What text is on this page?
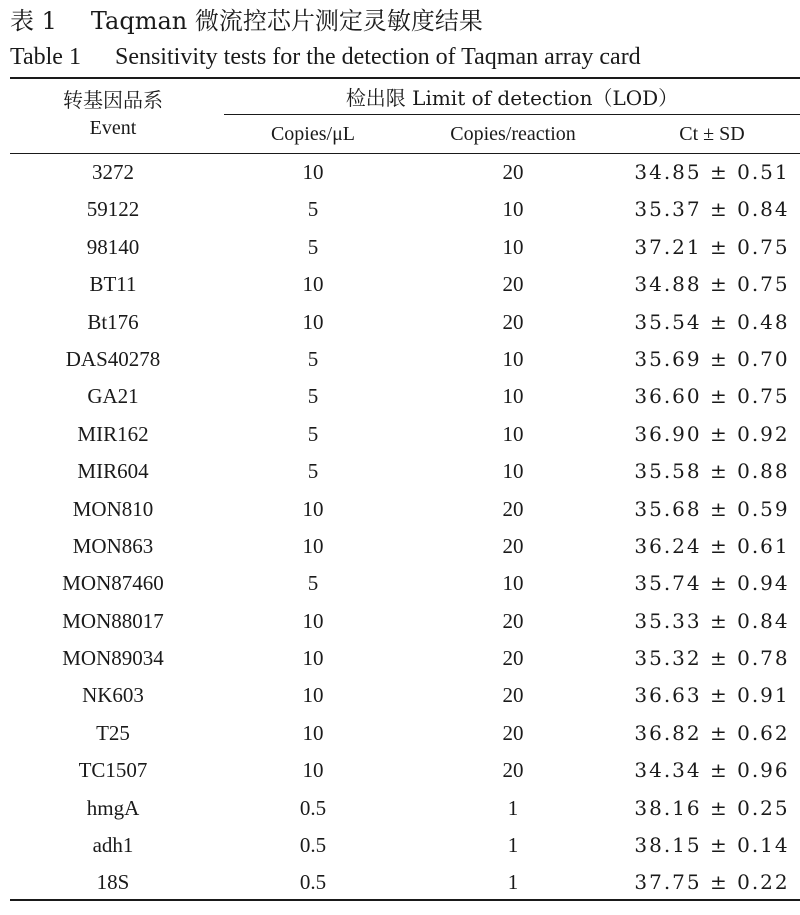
表 1 Taqman 微流控芯片测定灵敏度结果
Table 1 Sensitivity tests for the detection of Taqman array card
转基因品系
Event
检出限 Limit of detection（LOD）
Copies/μL	Copies/reaction	Ct ± SD
3272	10	20	34.85 ± 0.51
59122	5	10	35.37 ± 0.84
98140	5	10	37.21 ± 0.75
BT11	10	20	34.88 ± 0.75
Bt176	10	20	35.54 ± 0.48
DAS40278	5	10	35.69 ± 0.70
GA21	5	10	36.60 ± 0.75
MIR162	5	10	36.90 ± 0.92
MIR604	5	10	35.58 ± 0.88
MON810	10	20	35.68 ± 0.59
MON863	10	20	36.24 ± 0.61
MON87460	5	10	35.74 ± 0.94
MON88017	10	20	35.33 ± 0.84
MON89034	10	20	35.32 ± 0.78
NK603	10	20	36.63 ± 0.91
T25	10	20	36.82 ± 0.62
TC1507	10	20	34.34 ± 0.96
hmgA	0.5	1	38.16 ± 0.25
adh1	0.5	1	38.15 ± 0.14
18S	0.5	1	37.75 ± 0.22
